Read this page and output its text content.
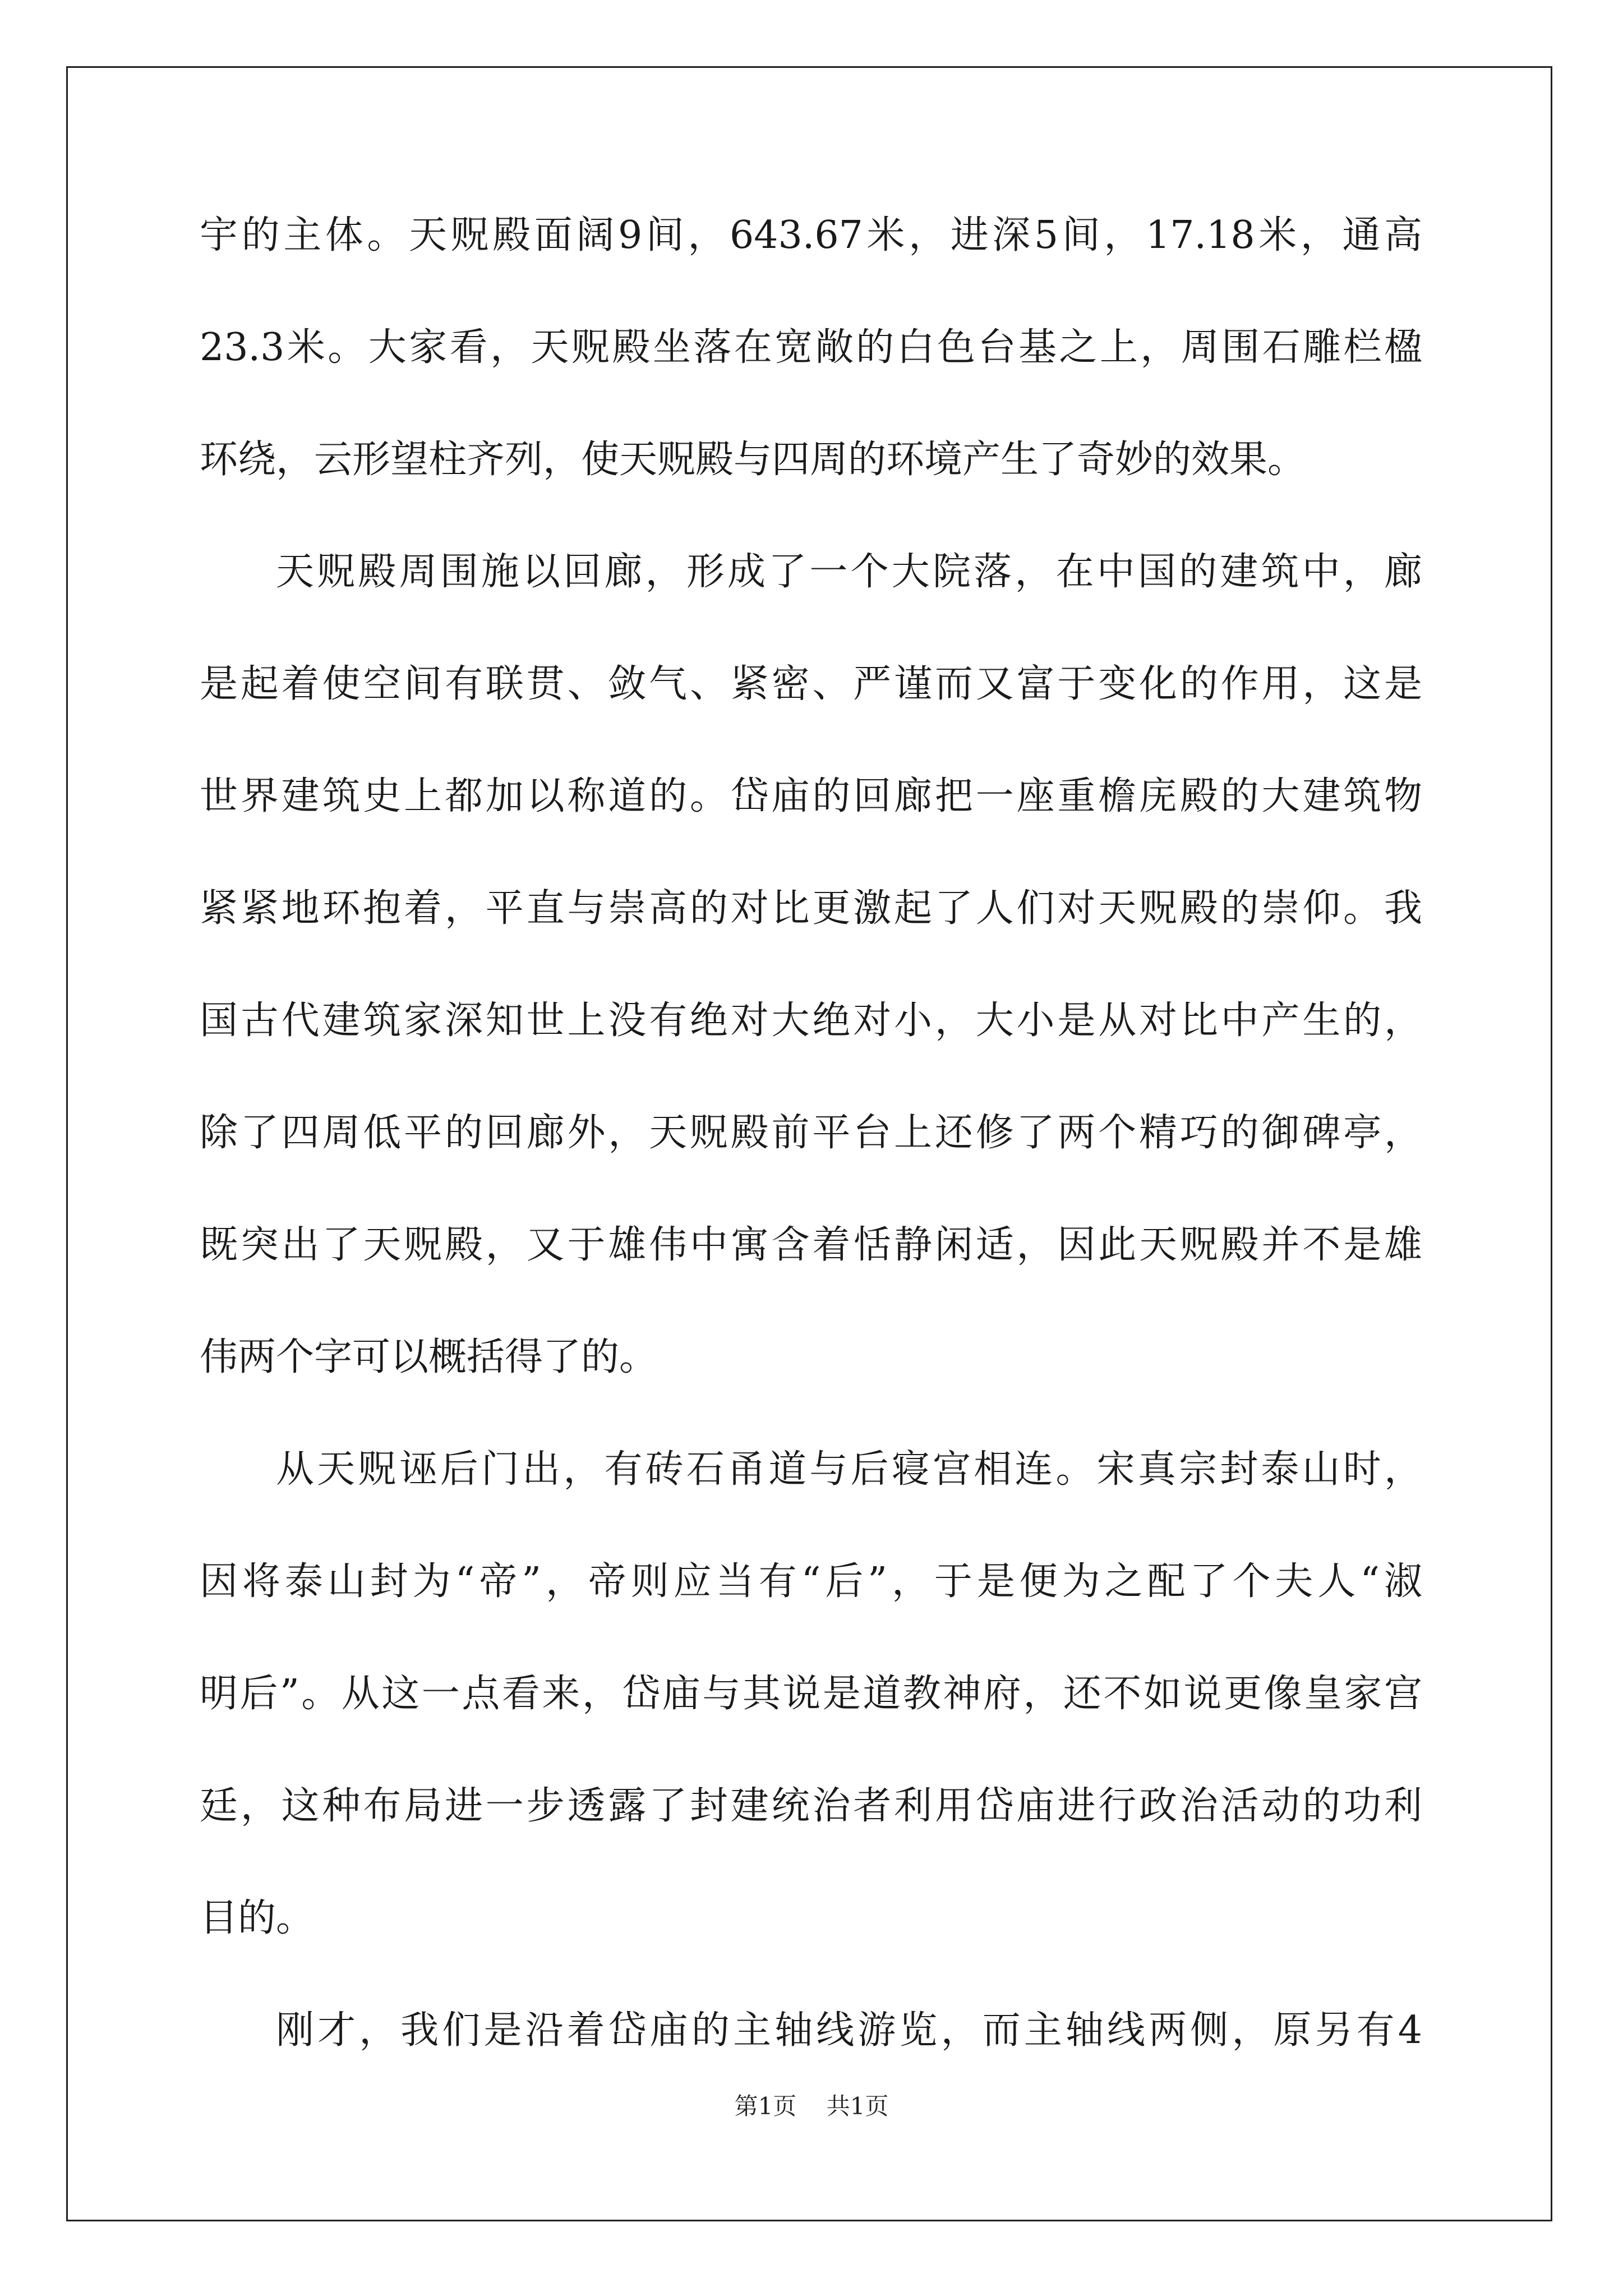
宇的主体。天贶殿面阔9间，643.67米，进深5间，17.18米，通高
23.3米。大家看，天贶殿坐落在宽敞的白色台基之上，周围石雕栏楹
环绕，云形望柱齐列，使天贶殿与四周的环境产生了奇妙的效果。
天贶殿周围施以回廊，形成了一个大院落，在中国的建筑中，廊
是起着使空间有联贯、敛气、紧密、严谨而又富于变化的作用，这是
世界建筑史上都加以称道的。岱庙的回廊把一座重檐庑殿的大建筑物
紧紧地环抱着，平直与崇高的对比更激起了人们对天贶殿的崇仰。我
国古代建筑家深知世上没有绝对大绝对小，大小是从对比中产生的，
除了四周低平的回廊外，天贶殿前平台上还修了两个精巧的御碑亭，
既突出了天贶殿，又于雄伟中寓含着恬静闲适，因此天贶殿并不是雄
伟两个字可以概括得了的。
从天贶诬后门出，有砖石甬道与后寝宫相连。宋真宗封泰山时，
因将泰山封为“帝”，帝则应当有“后”，于是便为之配了个夫人“淑
明后”。从这一点看来，岱庙与其说是道教神府，还不如说更像皇家宫
廷，这种布局进一步透露了封建统治者利用岱庙进行政治活动的功利
目的。
刚才，我们是沿着岱庙的主轴线游览，而主轴线两侧，原另有4
第1页 共1页
